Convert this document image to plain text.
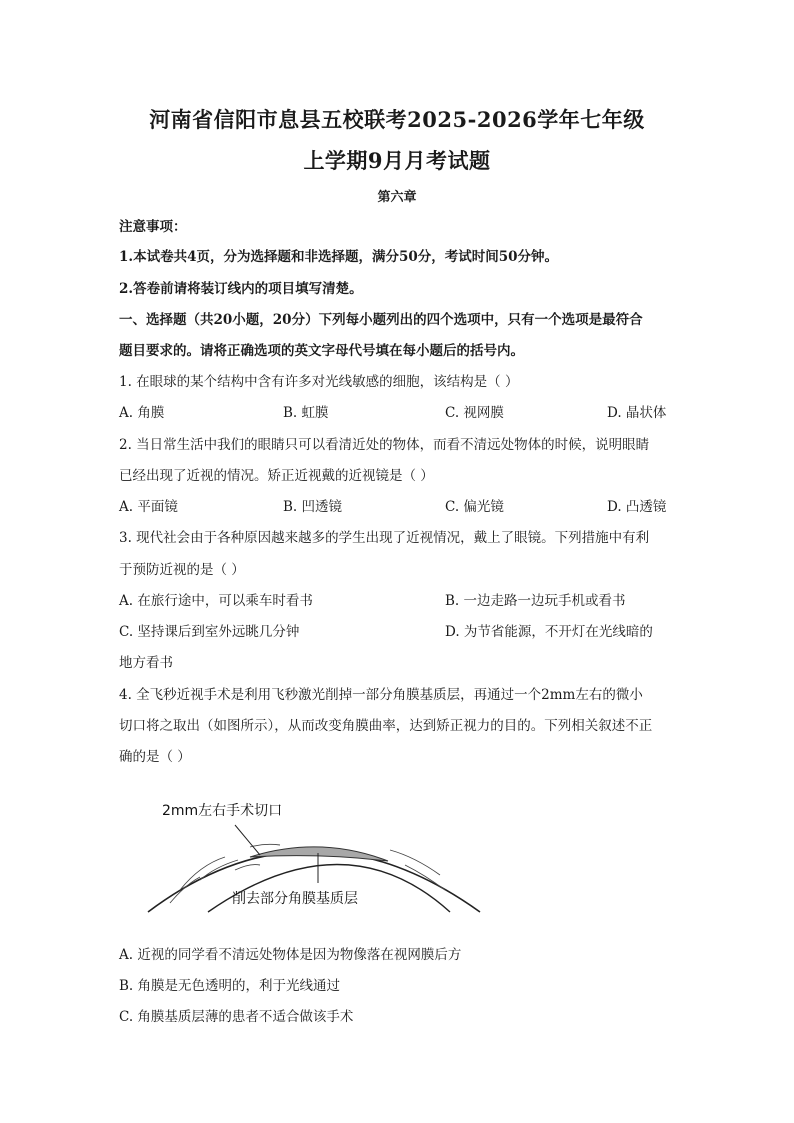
河南省信阳市息县五校联考2025-2026学年七年级
上学期9月月考试题
第六章
注意事项：
1.本试卷共4页，分为选择题和非选择题，满分50分，考试时间50分钟。
2.答卷前请将装订线内的项目填写清楚。
一、选择题（共20小题，20分）下列每小题列出的四个选项中，只有一个选项是最符合
题目要求的。请将正确选项的英文字母代号填在每小题后的括号内。
1. 在眼球的某个结构中含有许多对光线敏感的细胞，该结构是（ ）
A. 角膜	B. 虹膜	C. 视网膜	D. 晶状体
2. 当日常生活中我们的眼睛只可以看清近处的物体，而看不清远处物体的时候，说明眼睛
已经出现了近视的情况。矫正近视戴的近视镜是（ ）
A. 平面镜	B. 凹透镜	C. 偏光镜	D. 凸透镜
3. 现代社会由于各种原因越来越多的学生出现了近视情况，戴上了眼镜。下列措施中有利
于预防近视的是（ ）
A. 在旅行途中，可以乘车时看书	B. 一边走路一边玩手机或看书
C. 坚持课后到室外远眺几分钟	D. 为节省能源，不开灯在光线暗的
地方看书
4. 全飞秒近视手术是利用飞秒激光削掉一部分角膜基质层，再通过一个2mm左右的微小
切口将之取出（如图所示），从而改变角膜曲率，达到矫正视力的目的。下列相关叙述不正
确的是（ ）
2mm左右手术切口
削去部分角膜基质层
A. 近视的同学看不清远处物体是因为物像落在视网膜后方
B. 角膜是无色透明的，利于光线通过
C. 角膜基质层薄的患者不适合做该手术
